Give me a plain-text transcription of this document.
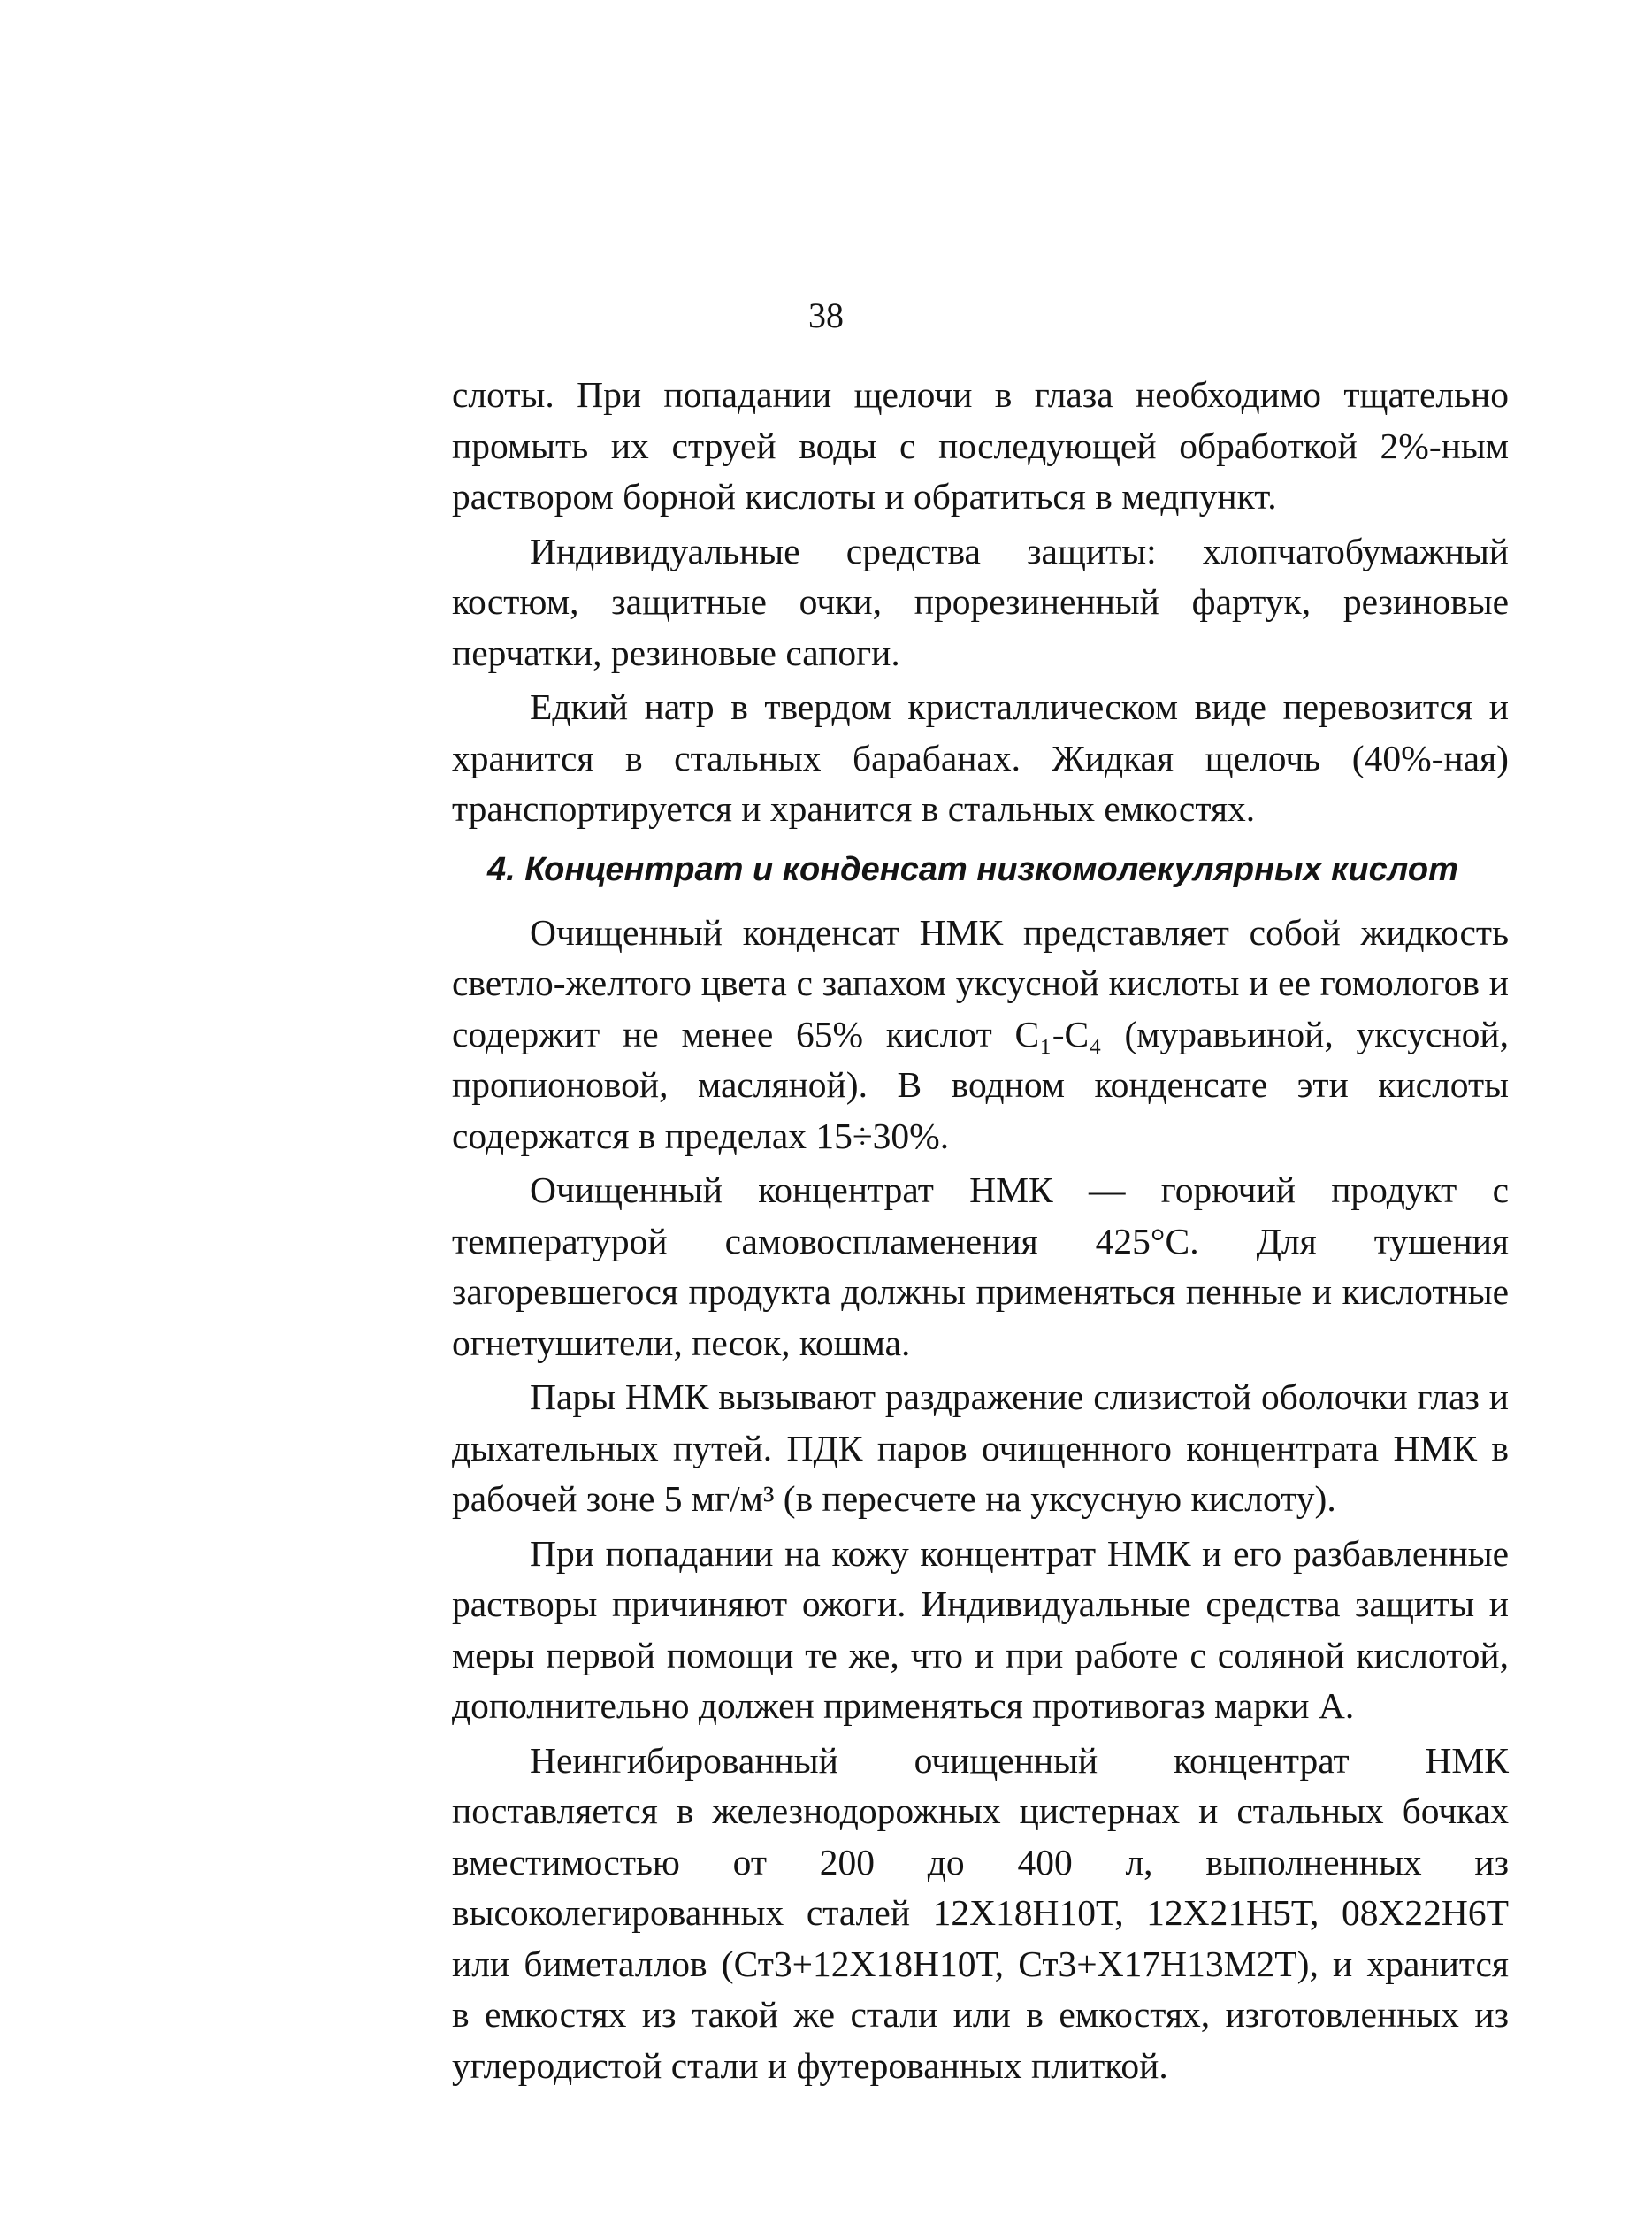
38

слоты. При попадании щелочи в глаза необходимо тщательно промыть их струей воды с последующей обработкой 2%-ным раствором борной кислоты и обратиться в медпункт.

Индивидуальные средства защиты: хлопчатобумажный костюм, защитные очки, прорезиненный фартук, резиновые перчатки, резиновые сапоги.

Едкий натр в твердом кристаллическом виде перевозится и хранится в стальных барабанах. Жидкая щелочь (40%-ная) транспортируется и хранится в стальных емкостях.

4. Концентрат и конденсат низкомолекулярных кислот

Очищенный конденсат НМК представляет собой жидкость светло-желтого цвета с запахом уксусной кислоты и ее гомологов и содержит не менее 65% кислот C₁-C₄ (муравьиной, уксусной, пропионовой, масляной). В водном конденсате эти кислоты содержатся в пределах 15÷30%.

Очищенный концентрат НМК — горючий продукт с температурой самовоспламенения 425°С. Для тушения загоревшегося продукта должны применяться пенные и кислотные огнетушители, песок, кошма.

Пары НМК вызывают раздражение слизистой оболочки глаз и дыхательных путей. ПДК паров очищенного концентрата НМК в рабочей зоне 5 мг/м³ (в пересчете на уксусную кислоту).

При попадании на кожу концентрат НМК и его разбавленные растворы причиняют ожоги. Индивидуальные средства защиты и меры первой помощи те же, что и при работе с соляной кислотой, дополнительно должен применяться противогаз марки А.

Неингибированный очищенный концентрат НМК поставляется в железнодорожных цистернах и стальных бочках вместимостью от 200 до 400 л, выполненных из высоколегированных сталей 12Х18Н10Т, 12Х21Н5Т, 08Х22Н6Т или биметаллов (Ст3+12Х18Н10Т, Ст3+Х17Н13М2Т), и хранится в емкостях из такой же стали или в емкостях, изготовленных из углеродистой стали и футерованных плиткой.
